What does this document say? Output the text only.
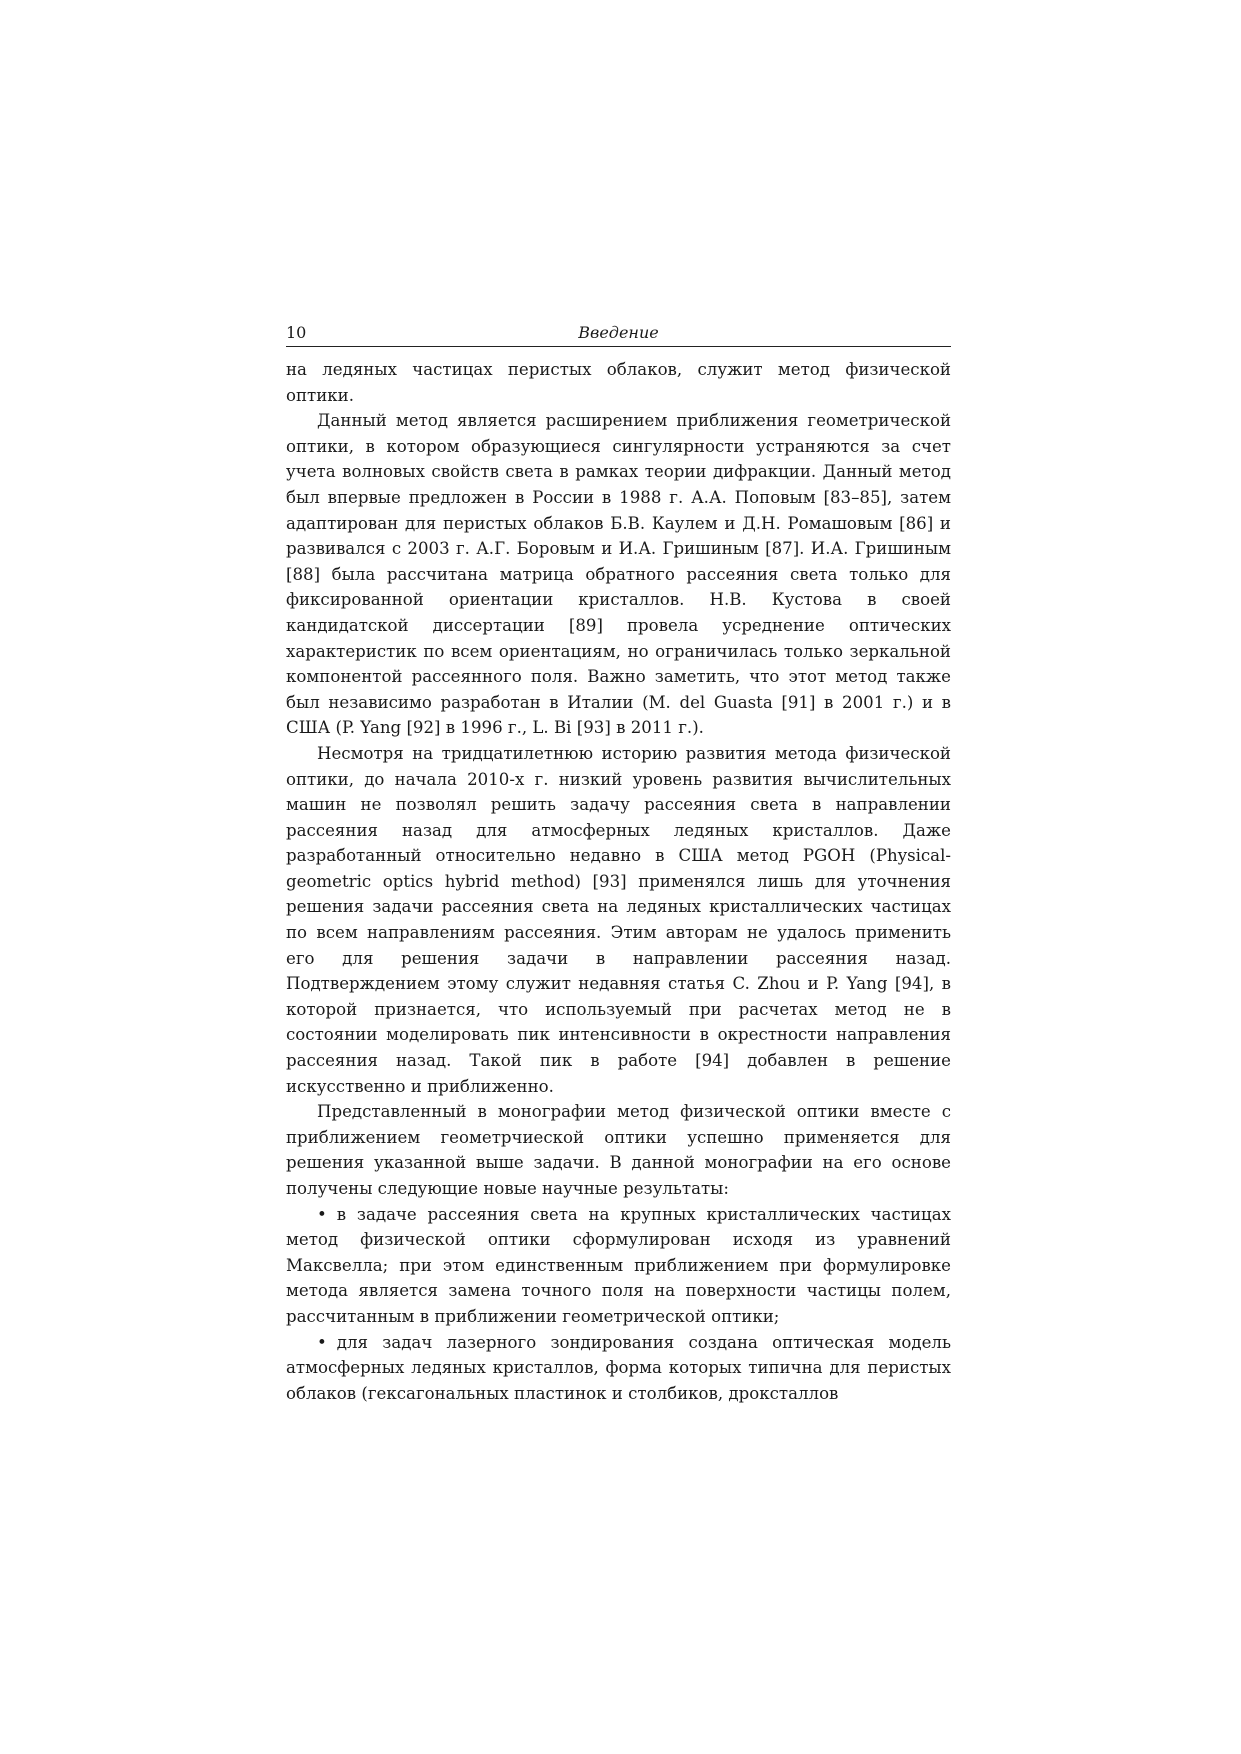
10	Введение

на ледяных частицах перистых облаков, служит метод физической оптики.

Данный метод является расширением приближения геометрической оптики, в котором образующиеся сингулярности устраняются за счет учета волновых свойств света в рамках теории дифракции. Данный метод был впервые предложен в России в 1988 г. А.А. Поповым [83–85], затем адаптирован для перистых облаков Б.В. Каулем и Д.Н. Ромашовым [86] и развивался с 2003 г. А.Г. Боровым и И.А. Гришиным [87]. И.А. Гришиным [88] была рассчитана матрица обратного рассеяния света только для фиксированной ориентации кристаллов. Н.В. Кустова в своей кандидатской диссертации [89] провела усреднение оптических характеристик по всем ориентациям, но ограничилась только зеркальной компонентой рассеянного поля. Важно заметить, что этот метод также был независимо разработан в Италии (M. del Guasta [91] в 2001 г.) и в США (P. Yang [92] в 1996 г., L. Bi [93] в 2011 г.).

Несмотря на тридцатилетнюю историю развития метода физической оптики, до начала 2010-х г. низкий уровень развития вычислительных машин не позволял решить задачу рассеяния света в направлении рассеяния назад для атмосферных ледяных кристаллов. Даже разработанный относительно недавно в США метод PGOH (Physical-geometric optics hybrid method) [93] применялся лишь для уточнения решения задачи рассеяния света на ледяных кристаллических частицах по всем направлениям рассеяния. Этим авторам не удалось применить его для решения задачи в направлении рассеяния назад. Подтверждением этому служит недавняя статья C. Zhou и P. Yang [94], в которой признается, что используемый при расчетах метод не в состоянии моделировать пик интенсивности в окрестности направления рассеяния назад. Такой пик в работе [94] добавлен в решение искусственно и приближенно.

Представленный в монографии метод физической оптики вместе с приближением геометрчиеской оптики успешно применяется для решения указанной выше задачи. В данной монографии на его основе получены следующие новые научные результаты:

• в задаче рассеяния света на крупных кристаллических частицах метод физической оптики сформулирован исходя из уравнений Максвелла; при этом единственным приближением при формулировке метода является замена точного поля на поверхности частицы полем, рассчитанным в приближении геометрической оптики;

• для задач лазерного зондирования создана оптическая модель атмосферных ледяных кристаллов, форма которых типична для перистых облаков (гексагональных пластинок и столбиков, дроксталлов
